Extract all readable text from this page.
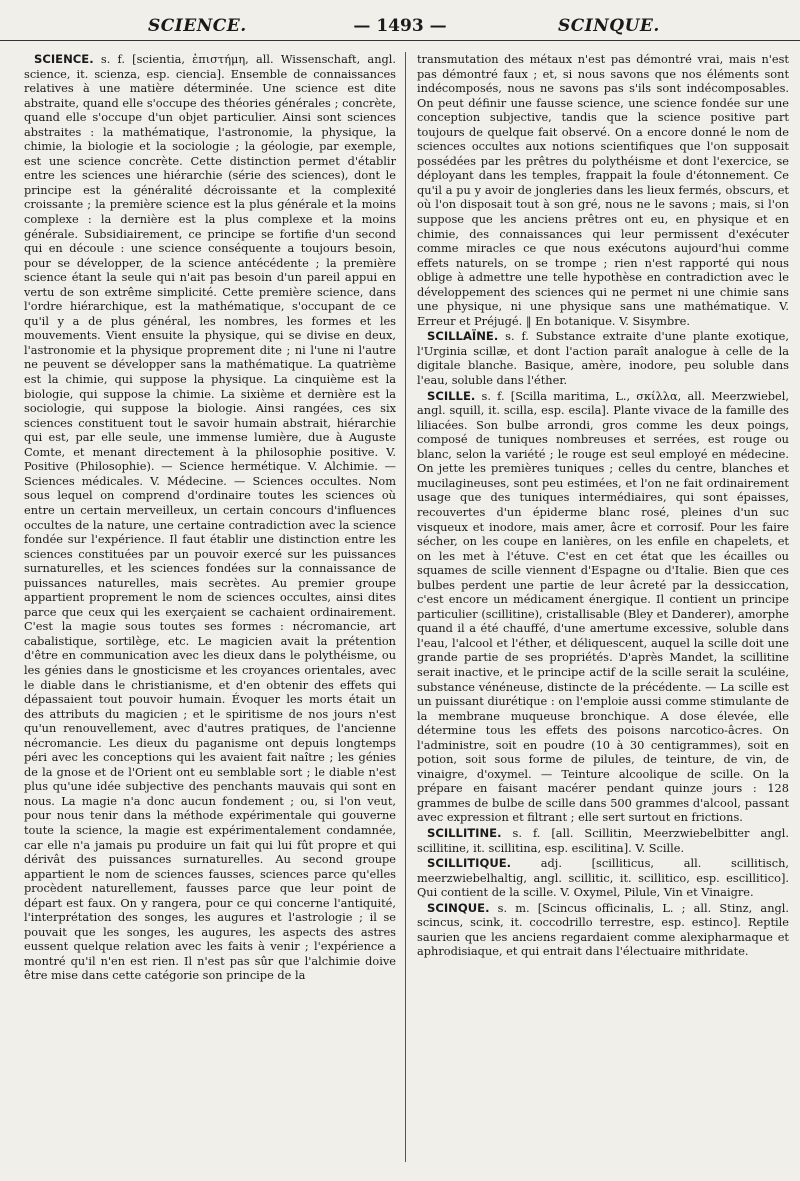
SCIENCE.	— 1493 —	SCINQUE.
SCIENCE. s. f. [scientia, ἐπιστήμη, all. Wissenschaft, angl. science, it. scienza, esp. ciencia]. Ensemble de connaissances relatives à une matière déterminée. Une science est dite abstraite, quand elle s'occupe des théories générales ; concrète, quand elle s'occupe d'un objet particulier. Ainsi sont sciences abstraites : la mathématique, l'astronomie, la physique, la chimie, la biologie et la sociologie ; la géologie, par exemple, est une science concrète. Cette distinction permet d'établir entre les sciences une hiérarchie (série des sciences), dont le principe est la généralité décroissante et la complexité croissante ; la première science est la plus générale et la moins complexe : la dernière est la plus complexe et la moins générale. Subsidiairement, ce principe se fortifie d'un second qui en découle : une science conséquente a toujours besoin, pour se développer, de la science antécédente ; la première science étant la seule qui n'ait pas besoin d'un pareil appui en vertu de son extrême simplicité. Cette première science, dans l'ordre hiérarchique, est la mathématique, s'occupant de ce qu'il y a de plus général, les nombres, les formes et les mouvements. Vient ensuite la physique, qui se divise en deux, l'astronomie et la physique proprement dite ; ni l'une ni l'autre ne peuvent se développer sans la mathématique. La quatrième est la chimie, qui suppose la physique. La cinquième est la biologie, qui suppose la chimie. La sixième et dernière est la sociologie, qui suppose la biologie. Ainsi rangées, ces six sciences constituent tout le savoir humain abstrait, hiérarchie qui est, par elle seule, une immense lumière, due à Auguste Comte, et menant directement à la philosophie positive. V. Positive (Philosophie). — Science hermétique. V. Alchimie. — Sciences médicales. V. Médecine. — Sciences occultes. Nom sous lequel on comprend d'ordinaire toutes les sciences où entre un certain merveilleux, un certain concours d'influences occultes de la nature, une certaine contradiction avec la science fondée sur l'expérience. Il faut établir une distinction entre les sciences constituées par un pouvoir exercé sur les puissances surnaturelles, et les sciences fondées sur la connaissance de puissances naturelles, mais secrètes. Au premier groupe appartient proprement le nom de sciences occultes, ainsi dites parce que ceux qui les exerçaient se cachaient ordinairement. C'est la magie sous toutes ses formes : nécromancie, art cabalistique, sortilège, etc. Le magicien avait la prétention d'être en communication avec les dieux dans le polythéisme, ou les génies dans le gnosticisme et les croyances orientales, avec le diable dans le christianisme, et d'en obtenir des effets qui dépassaient tout pouvoir humain. Évoquer les morts était un des attributs du magicien ; et le spiritisme de nos jours n'est qu'un renouvellement, avec d'autres pratiques, de l'ancienne nécromancie. Les dieux du paganisme ont depuis longtemps péri avec les conceptions qui les avaient fait naître ; les génies de la gnose et de l'Orient ont eu semblable sort ; le diable n'est plus qu'une idée subjective des penchants mauvais qui sont en nous. La magie n'a donc aucun fondement ; ou, si l'on veut, pour nous tenir dans la méthode expérimentale qui gouverne toute la science, la magie est expérimentalement condamnée, car elle n'a jamais pu produire un fait qui lui fût propre et qui dérivât des puissances surnaturelles. Au second groupe appartient le nom de sciences fausses, sciences parce qu'elles procèdent naturellement, fausses parce que leur point de départ est faux. On y rangera, pour ce qui concerne l'antiquité, l'interprétation des songes, les augures et l'astrologie ; il se pouvait que les songes, les augures, les aspects des astres eussent quelque relation avec les faits à venir ; l'expérience a montré qu'il n'en est rien. Il n'est pas sûr que l'alchimie doive être mise dans cette catégorie son principe de la
transmutation des métaux n'est pas démontré vrai, mais n'est pas démontré faux ; et, si nous savons que nos éléments sont indécomposés, nous ne savons pas s'ils sont indécomposables. On peut définir une fausse science, une science fondée sur une conception subjective, tandis que la science positive part toujours de quelque fait observé. On a encore donné le nom de sciences occultes aux notions scientifiques que l'on supposait possédées par les prêtres du polythéisme et dont l'exercice, se déployant dans les temples, frappait la foule d'étonnement. Ce qu'il a pu y avoir de jongleries dans les lieux fermés, obscurs, et où l'on disposait tout à son gré, nous ne le savons ; mais, si l'on suppose que les anciens prêtres ont eu, en physique et en chimie, des connaissances qui leur permissent d'exécuter comme miracles ce que nous exécutons aujourd'hui comme effets naturels, on se trompe ; rien n'est rapporté qui nous oblige à admettre une telle hypothèse en contradiction avec le développement des sciences qui ne permet ni une chimie sans une physique, ni une physique sans une mathématique. V. Erreur et Préjugé. ‖ En botanique. V. Sisymbre.
SCILLAÏNE. s. f. Substance extraite d'une plante exotique, l'Urginia scillæ, et dont l'action paraît analogue à celle de la digitale blanche. Basique, amère, inodore, peu soluble dans l'eau, soluble dans l'éther.
SCILLE. s. f. [Scilla maritima, L., σκίλλα, all. Meerzwiebel, angl. squill, it. scilla, esp. escila]. Plante vivace de la famille des liliacées. Son bulbe arrondi, gros comme les deux poings, composé de tuniques nombreuses et serrées, est rouge ou blanc, selon la variété ; le rouge est seul employé en médecine. On jette les premières tuniques ; celles du centre, blanches et mucilagineuses, sont peu estimées, et l'on ne fait ordinairement usage que des tuniques intermédiaires, qui sont épaisses, recouvertes d'un épiderme blanc rosé, pleines d'un suc visqueux et inodore, mais amer, âcre et corrosif. Pour les faire sécher, on les coupe en lanières, on les enfile en chapelets, et on les met à l'étuve. C'est en cet état que les écailles ou squames de scille viennent d'Espagne ou d'Italie. Bien que ces bulbes perdent une partie de leur âcreté par la dessiccation, c'est encore un médicament énergique. Il contient un principe particulier (scillitine), cristallisable (Bley et Danderer), amorphe quand il a été chauffé, d'une amertume excessive, soluble dans l'eau, l'alcool et l'éther, et déliquescent, auquel la scille doit une grande partie de ses propriétés. D'après Mandet, la scillitine serait inactive, et le principe actif de la scille serait la sculéine, substance vénéneuse, distincte de la précédente. — La scille est un puissant diurétique : on l'emploie aussi comme stimulante de la membrane muqueuse bronchique. A dose élevée, elle détermine tous les effets des poisons narcotico-âcres. On l'administre, soit en poudre (10 à 30 centigrammes), soit en potion, soit sous forme de pilules, de teinture, de vin, de vinaigre, d'oxymel. — Teinture alcoolique de scille. On la prépare en faisant macérer pendant quinze jours : 128 grammes de bulbe de scille dans 500 grammes d'alcool, passant avec expression et filtrant ; elle sert surtout en frictions.
SCILLITINE. s. f. [all. Scillitin, Meerzwiebelbitter angl. scillitine, it. scillitina, esp. escilitina]. V. Scille.
SCILLITIQUE.	adj. [scilliticus, all. scillitisch, meerzwiebelhaltig, angl. scillitic, it. scillitico, esp. escillitico]. Qui contient de la scille. V. Oxymel, Pilule, Vin et Vinaigre.
SCINQUE. s. m. [Scincus officinalis, L. ; all. Stinz, angl. scincus, scink, it. coccodrillo terrestre, esp. estinco]. Reptile saurien que les anciens regardaient comme alexipharmaque et aphrodisiaque, et qui entrait dans l'électuaire mithridate.
